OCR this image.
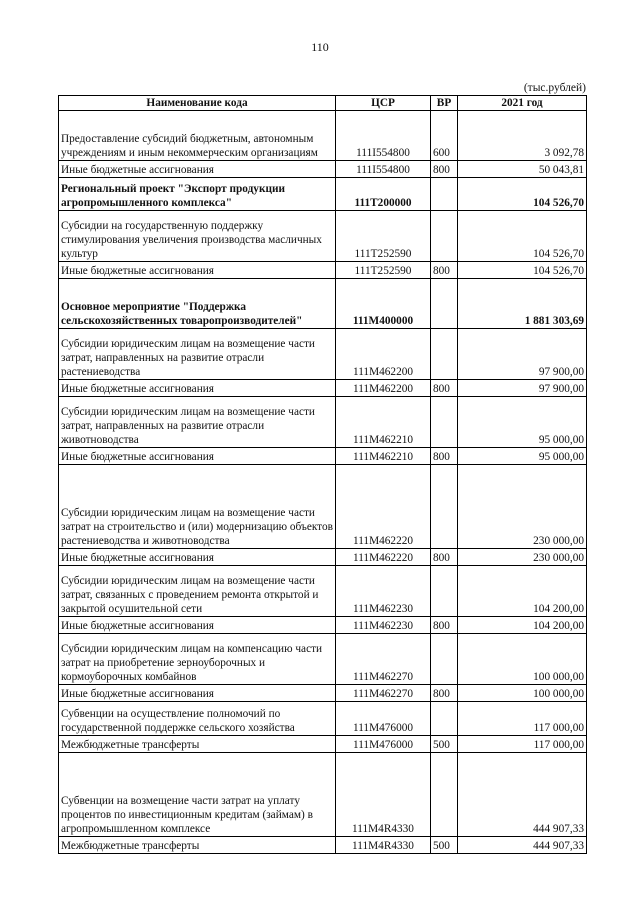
110
(тыс.рублей)
Наименование кода	ЦСР	ВР	2021 год
Предоставление субсидий бюджетным, автономным учреждениям и иным некоммерческим организациям	111I554800	600	3 092,78
Иные бюджетные ассигнования	111I554800	800	50 043,81
Региональный проект "Экспорт продукции агропромышленного комплекса"	111T200000		104 526,70
Субсидии на государственную поддержку стимулирования увеличения производства масличных культур	111T252590		104 526,70
Иные бюджетные ассигнования	111T252590	800	104 526,70
Основное мероприятие "Поддержка сельскохозяйственных товаропроизводителей"	111M400000		1 881 303,69
Субсидии юридическим лицам на возмещение части затрат, направленных на развитие отрасли растениеводства	111M462200		97 900,00
Иные бюджетные ассигнования	111M462200	800	97 900,00
Субсидии юридическим лицам на возмещение части затрат, направленных на развитие отрасли животноводства	111M462210		95 000,00
Иные бюджетные ассигнования	111M462210	800	95 000,00
Субсидии юридическим лицам на возмещение части затрат на строительство и (или) модернизацию объектов растениеводства и животноводства	111M462220		230 000,00
Иные бюджетные ассигнования	111M462220	800	230 000,00
Субсидии юридическим лицам на возмещение части затрат, связанных с проведением ремонта открытой и закрытой осушительной сети	111M462230		104 200,00
Иные бюджетные ассигнования	111M462230	800	104 200,00
Субсидии юридическим лицам на компенсацию части затрат на приобретение зерноуборочных и кормоуборочных комбайнов	111M462270		100 000,00
Иные бюджетные ассигнования	111M462270	800	100 000,00
Субвенции на осуществление полномочий по государственной поддержке сельского хозяйства	111M476000		117 000,00
Межбюджетные трансферты	111M476000	500	117 000,00
Субвенции на возмещение части затрат на уплату процентов по инвестиционным кредитам (займам) в агропромышленном комплексе	111M4R4330		444 907,33
Межбюджетные трансферты	111M4R4330	500	444 907,33
